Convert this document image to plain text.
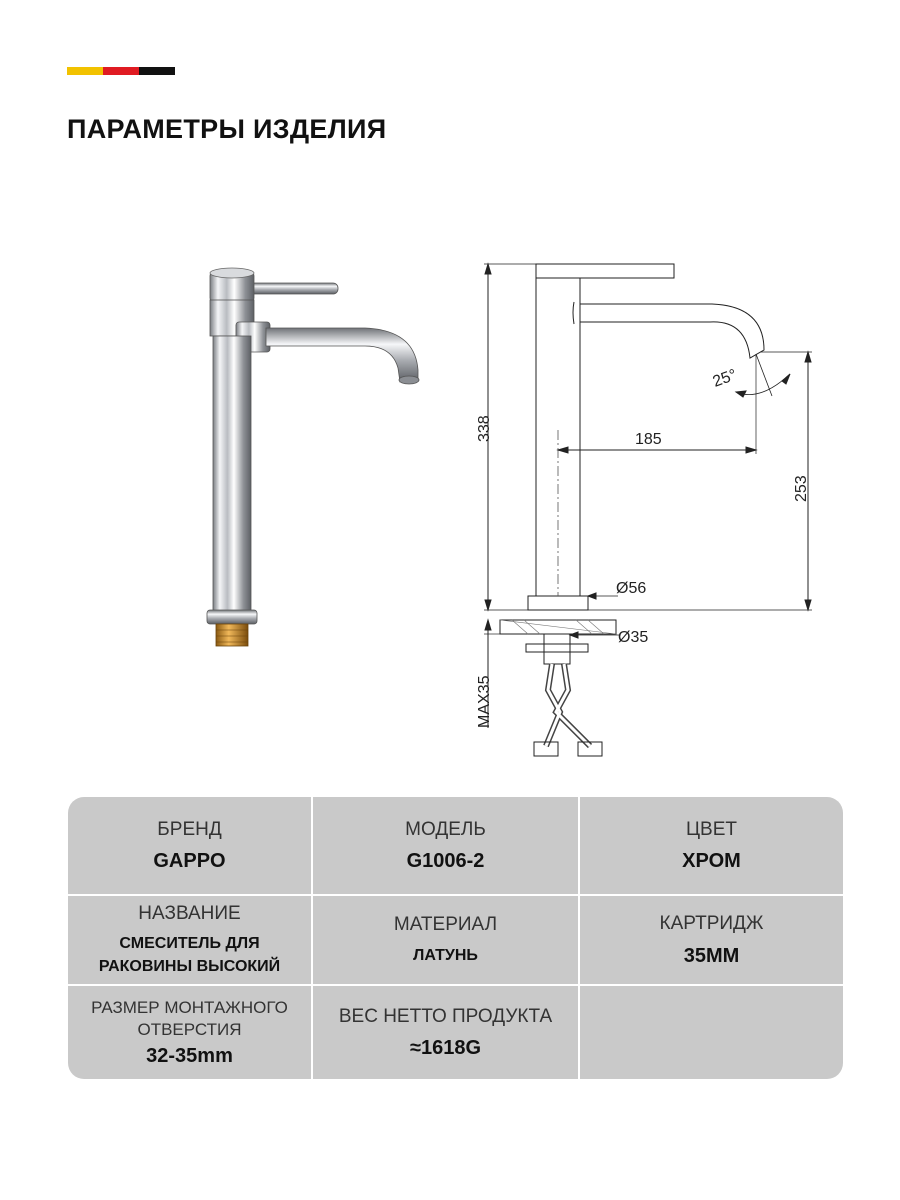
ПАРАМЕТРЫ ИЗДЕЛИЯ
338	185
253
25°
Ø56
Ø35
MAX35
БРЕНД
GAPPO
МОДЕЛЬ
G1006-2
ЦВЕТ
ХРОМ
НАЗВАНИЕ
СМЕСИТЕЛЬ ДЛЯ
РАКОВИНЫ ВЫСОКИЙ
МАТЕРИАЛ
ЛАТУНЬ
КАРТРИДЖ
35ММ
РАЗМЕР МОНТАЖНОГО
ОТВЕРСТИЯ
32-35mm
ВЕС НЕТТО ПРОДУКТА
≈1618G
